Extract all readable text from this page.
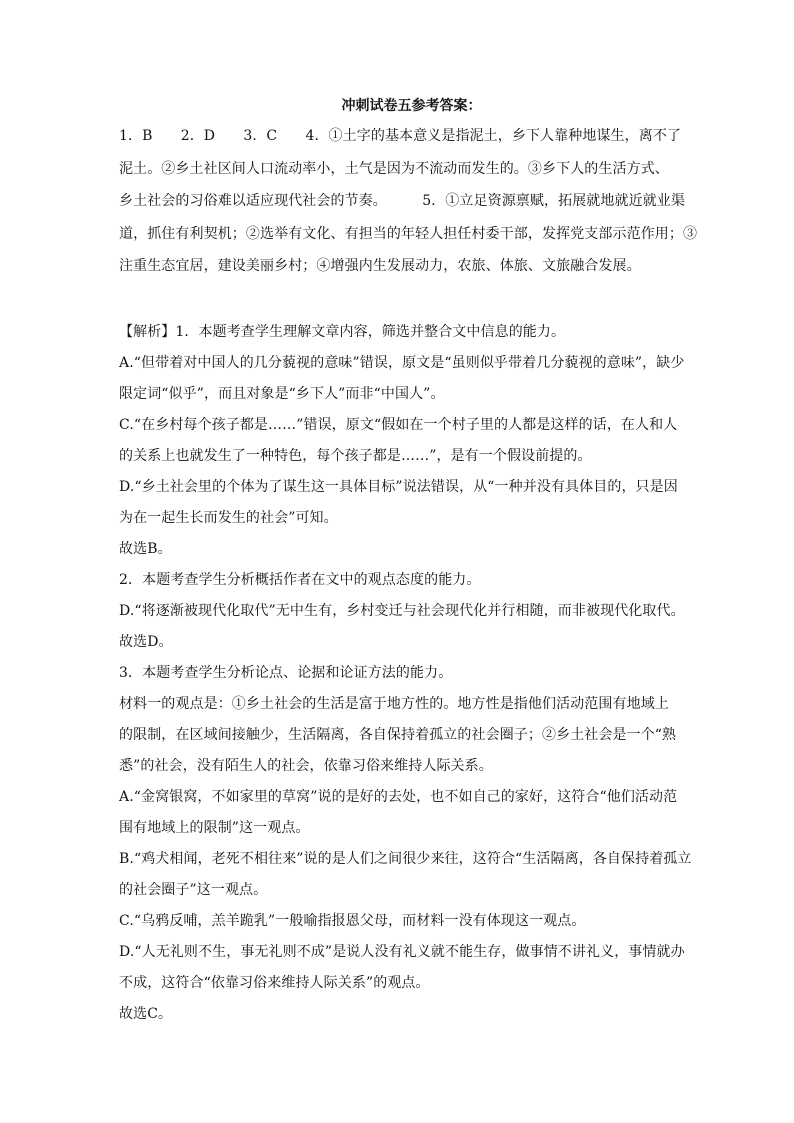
冲刺试卷五参考答案：
1．B　　2．D　　3．C　　4．①土字的基本意义是指泥土，乡下人靠种地谋生，离不了
泥土。②乡土社区间人口流动率小，土气是因为不流动而发生的。③乡下人的生活方式、
乡土社会的习俗难以适应现代社会的节奏。　　　5．①立足资源禀赋，拓展就地就近就业渠
道，抓住有利契机；②选举有文化、有担当的年轻人担任村委干部，发挥党支部示范作用；③
注重生态宜居，建设美丽乡村；④增强内生发展动力，农旅、体旅、文旅融合发展。
【解析】1．本题考查学生理解文章内容，筛选并整合文中信息的能力。
A.“但带着对中国人的几分藐视的意味”错误，原文是“虽则似乎带着几分藐视的意味”，缺少
限定词“似乎”，而且对象是“乡下人”而非“中国人”。
C.“在乡村每个孩子都是……”错误，原文“假如在一个村子里的人都是这样的话，在人和人
的关系上也就发生了一种特色，每个孩子都是……”，是有一个假设前提的。
D.“乡土社会里的个体为了谋生这一具体目标”说法错误，从“一种并没有具体目的，只是因
为在一起生长而发生的社会”可知。
故选B。
2．本题考查学生分析概括作者在文中的观点态度的能力。
D.“将逐渐被现代化取代”无中生有，乡村变迁与社会现代化并行相随，而非被现代化取代。
故选D。
3．本题考查学生分析论点、论据和论证方法的能力。
材料一的观点是：①乡土社会的生活是富于地方性的。地方性是指他们活动范围有地域上
的限制，在区域间接触少，生活隔离，各自保持着孤立的社会圈子；②乡土社会是一个“熟
悉”的社会，没有陌生人的社会，依靠习俗来维持人际关系。
A.“金窝银窝，不如家里的草窝”说的是好的去处，也不如自己的家好，这符合“他们活动范
围有地域上的限制”这一观点。
B.“鸡犬相闻，老死不相往来”说的是人们之间很少来往，这符合“生活隔离，各自保持着孤立
的社会圈子”这一观点。
C.“乌鸦反哺，羔羊跪乳”一般喻指报恩父母，而材料一没有体现这一观点。
D.“人无礼则不生，事无礼则不成”是说人没有礼义就不能生存，做事情不讲礼义，事情就办
不成，这符合“依靠习俗来维持人际关系”的观点。
故选C。
